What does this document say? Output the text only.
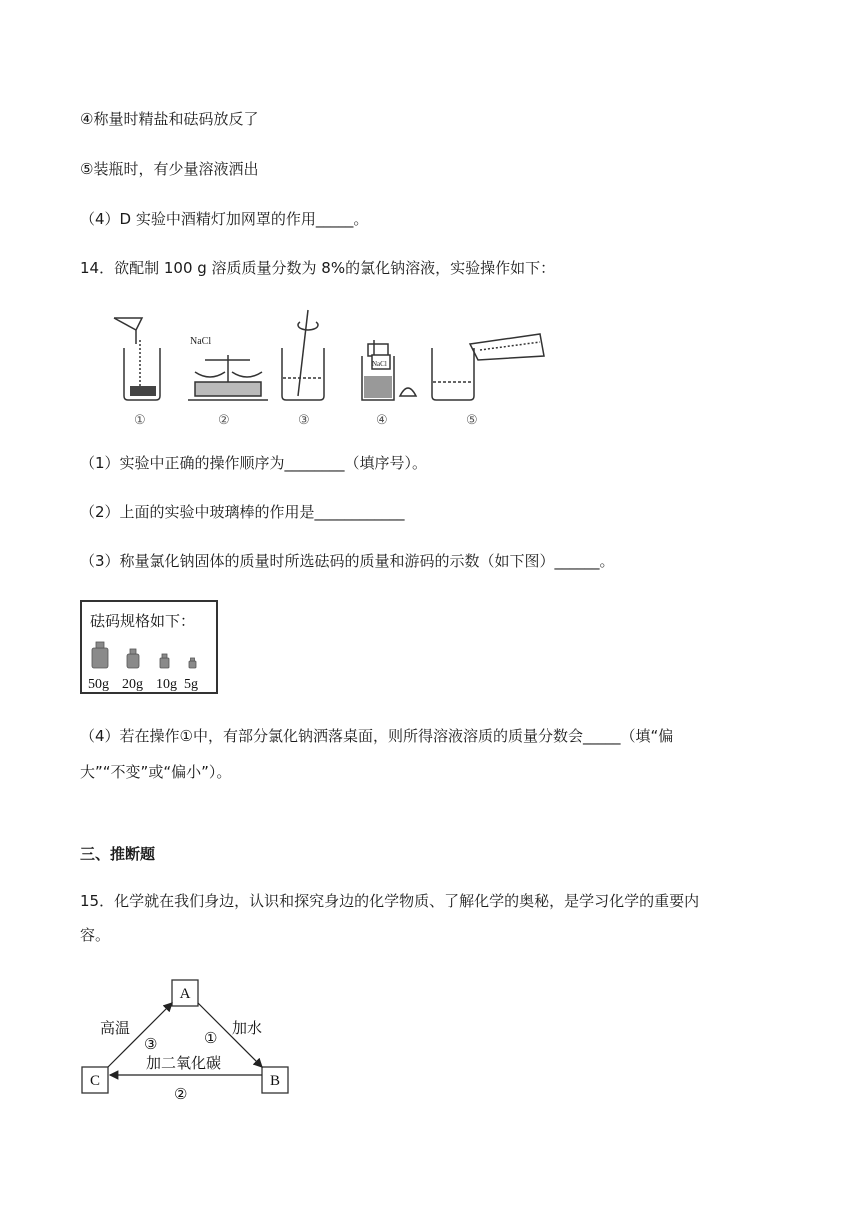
④称量时精盐和砝码放反了
⑤装瓶时，有少量溶液洒出
（4）D 实验中酒精灯加网罩的作用_____。
14．欲配制 100 g 溶质质量分数为 8%的氯化钠溶液，实验操作如下：
NaCl
NaCl
①	②	③	④	⑤
（1）实验中正确的操作顺序为________（填序号）。
（2）上面的实验中玻璃棒的作用是____________
（3）称量氯化钠固体的质量时所选砝码的质量和游码的示数（如下图）______。
砝码规格如下：
50g 20g 10g 5g
（4）若在操作①中，有部分氯化钠洒落桌面，则所得溶液溶质的质量分数会_____（填“偏
大”“不变”或“偏小”）。
三、推断题
15．化学就在我们身边，认识和探究身边的化学物质、了解化学的奥秘，是学习化学的重要内
容。
A
B
C
高温	加水
加二氧化碳
③	①
②
